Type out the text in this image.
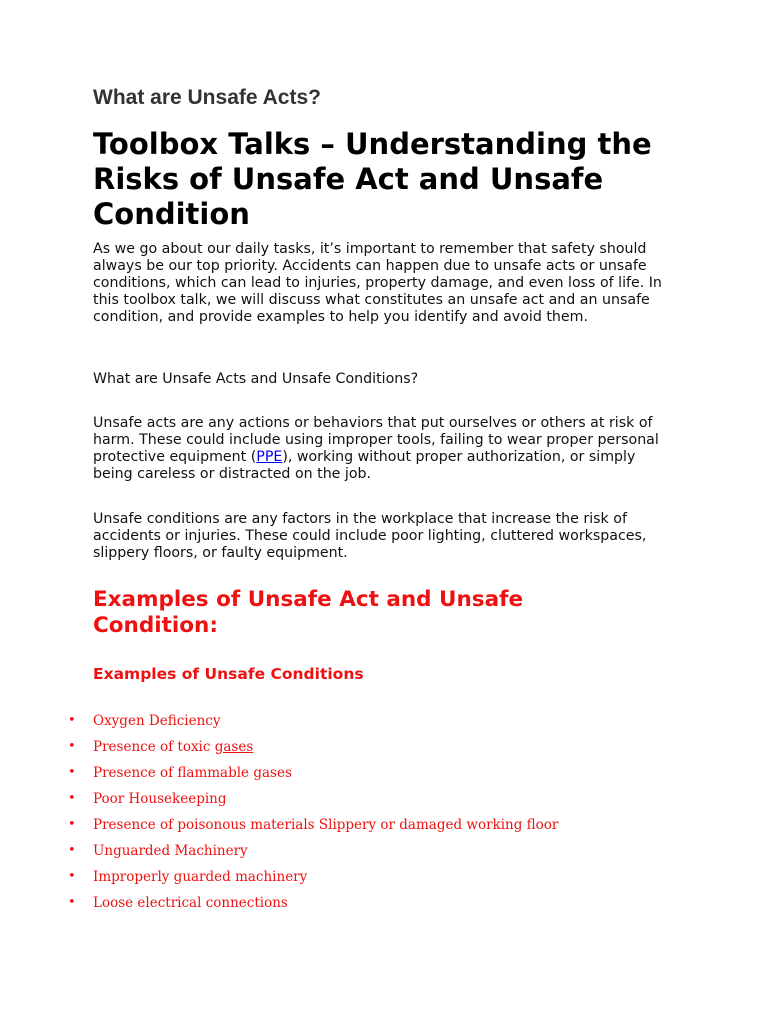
What are Unsafe Acts?
Toolbox Talks – Understanding the Risks of Unsafe Act and Unsafe Condition

As we go about our daily tasks, it’s important to remember that safety should always be our top priority. Accidents can happen due to unsafe acts or unsafe conditions, which can lead to injuries, property damage, and even loss of life. In this toolbox talk, we will discuss what constitutes an unsafe act and an unsafe condition, and provide examples to help you identify and avoid them.

What are Unsafe Acts and Unsafe Conditions?

Unsafe acts are any actions or behaviors that put ourselves or others at risk of harm. These could include using improper tools, failing to wear proper personal protective equipment (PPE), working without proper authorization, or simply being careless or distracted on the job.

Unsafe conditions are any factors in the workplace that increase the risk of accidents or injuries. These could include poor lighting, cluttered workspaces, slippery floors, or faulty equipment.

Examples of Unsafe Act and Unsafe Condition:
Examples of Unsafe Conditions
• Oxygen Deficiency
• Presence of toxic gases
• Presence of flammable gases
• Poor Housekeeping
• Presence of poisonous materials Slippery or damaged working floor
• Unguarded Machinery
• Improperly guarded machinery
• Loose electrical connections
